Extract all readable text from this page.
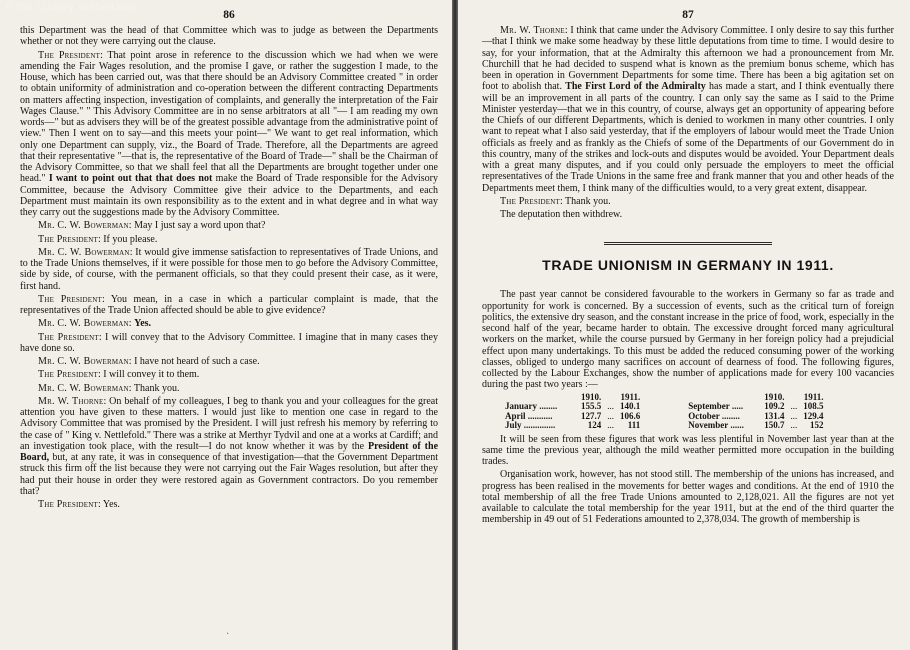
© TUC Library Collections
86

this Department was the head of that Committee which was to judge as between the Departments whether or not they were carrying out the clause.

The President: That point arose in reference to the discussion which we had when we were amending the Fair Wages resolution, and the promise I gave, or rather the suggestion I made, to the House, which has been carried out, was that there should be an Advisory Committee created " in order to obtain uniformity of administration and co-operation between the different contracting Departments on matters affecting inspection, investigation of complaints, and generally the interpretation of the Fair Wages Clause." " This Advisory Committee are in no sense arbitrators at all "— I am reading my own words—" but as advisers they will be of the greatest possible advantage from the administrative point of view." Then I went on to say—and this meets your point—" We want to get real information, which only one Department can supply, viz., the Board of Trade. Therefore, all the Departments are agreed that their representative "—that is, the representative of the Board of Trade—" shall be the Chairman of the Advisory Committee, so that we shall feel that all the Departments are brought together under one head." I want to point out that that does not make the Board of Trade responsible for the Advisory Committee, because the Advisory Committee give their advice to the Departments, and each Department must maintain its own responsibility as to the extent and in what degree and in what way they carry out the suggestions made by the Advisory Committee.

Mr. C. W. Bowerman: May I just say a word upon that?

The President: If you please.

Mr. C. W. Bowerman: It would give immense satisfaction to representatives of Trade Unions, and to the Trade Unions themselves, if it were possible for those men to go before the Advisory Committee, side by side, of course, with the permanent officials, so that they could present their case, as it were, first hand.

The President: You mean, in a case in which a particular complaint is made, that the representatives of the Trade Union affected should be able to give evidence?

Mr. C. W. Bowerman: Yes.

The President: I will convey that to the Advisory Committee. I imagine that in many cases they have done so.

Mr. C. W. Bowerman: I have not heard of such a case.

The President: I will convey it to them.

Mr. C. W. Bowerman: Thank you.

Mr. W. Thorne: On behalf of my colleagues, I beg to thank you and your colleagues for the great attention you have given to these matters. I would just like to mention one case in regard to the Advisory Committee that was promised by the President. I will just refresh his memory by referring to the case of " King v. Nettlefold." There was a strike at Merthyr Tydvil and one at a works at Cardiff; and an investigation took place, with the result—I do not know whether it was by the President of the Board, but, at any rate, it was in consequence of that investigation—that the Government Department struck this firm off the list because they were not carrying out the Fair Wages resolution, but after they had put their house in order they were restored again as Government contractors. Do you remember that?

The President: Yes.

·
87

Mr. W. Thorne: I think that came under the Advisory Committee. I only desire to say this further—that I think we make some headway by these little deputations from time to time. I would desire to say, for your information, that at the Admiralty this afternoon we had a pronouncement from Mr. Churchill that he had decided to suspend what is known as the premium bonus scheme, which has been in operation in Government Departments for some time. There has been a big agitation set on foot to abolish that. The First Lord of the Admiralty has made a start, and I think eventually there will be an improvement in all parts of the country. I can only say the same as I said to the Prime Minister yesterday—that we in this country, of course, always get an opportunity of appearing before the Chiefs of our different Departments, which is denied to workmen in many other countries. I only want to repeat what I also said yesterday, that if the employers of labour would meet the Trade Union officials as freely and as frankly as the Chiefs of some of the Departments of our Government do in this country, many of the strikes and lock-outs and disputes would be avoided. Your Department deals with a great many disputes, and if you could only persuade the employers to meet the official representatives of the Trade Unions in the same free and frank manner that you and other heads of the Departments meet them, I think many of the difficulties would, to a very great extent, disappear.

The President: Thank you.

The deputation then withdrew.

TRADE UNIONISM IN GERMANY IN 1911.

The past year cannot be considered favourable to the workers in Germany so far as trade and opportunity for work is concerned. By a succession of events, such as the critical turn of foreign politics, the extensive dry season, and the constant increase in the price of food, work, especially in the second half of the year, became harder to obtain. The excessive drought forced many agricultural workers on the market, while the course pursued by Germany in her foreign policy had a prejudicial effect upon many undertakings. To this must be added the reduced consuming power of the working classes, obliged to undergo many sacrifices on account of dearness of food. The following figures, collected by the Labour Exchanges, show the number of applications made for every 100 vacancies during the past two years :—

	1910.		1911.			1910.		1911.
January ........	155.5	...	140.1		September .....	109.2	...	108.5
April ...........	127.7	...	106.6		October ........	131.4	...	129.4
July ..............	124	...	111		November ......	150.7	...	152

It will be seen from these figures that work was less plentiful in November last year than at the same time the previous year, although the mild weather permitted more occupation in the building trades.

Organisation work, however, has not stood still. The membership of the unions has increased, and progress has been realised in the movements for better wages and conditions. At the end of 1910 the total membership of all the free Trade Unions amounted to 2,128,021. All the figures are not yet available to calculate the total membership for the year 1911, but at the end of the third quarter the membership in 49 out of 51 Federations amounted to 2,378,034. The growth of membership is
